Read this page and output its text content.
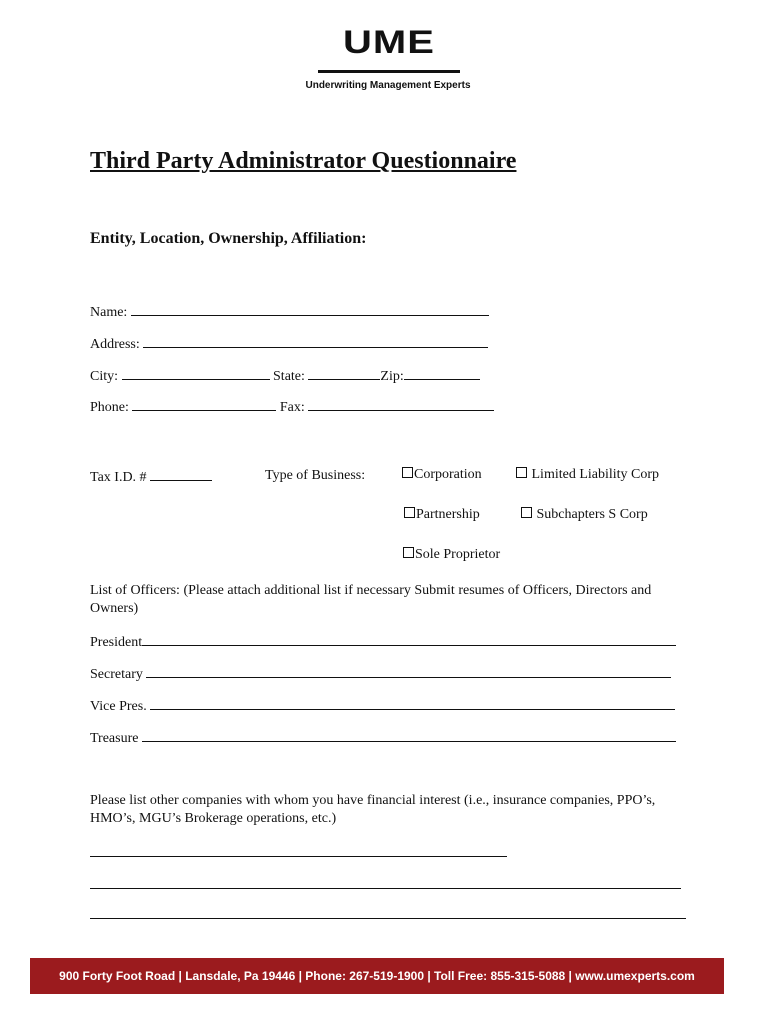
UME
Underwriting Management Experts
Third Party Administrator Questionnaire
Entity, Location, Ownership, Affiliation:
Name:
Address:
City:	State:	Zip:
Phone:	Fax:
Tax I.D. #	Type of Business:	Corporation	Limited Liability Corp
Partnership	Subchapters S Corp
Sole Proprietor
List of Officers: (Please attach additional list if necessary Submit resumes of Officers, Directors and Owners)
President
Secretary
Vice Pres.
Treasure
Please list other companies with whom you have financial interest (i.e., insurance companies, PPO’s, HMO’s, MGU’s Brokerage operations, etc.)
900 Forty Foot Road | Lansdale, Pa 19446 | Phone: 267-519-1900 | Toll Free: 855-315-5088 | www.umexperts.com
